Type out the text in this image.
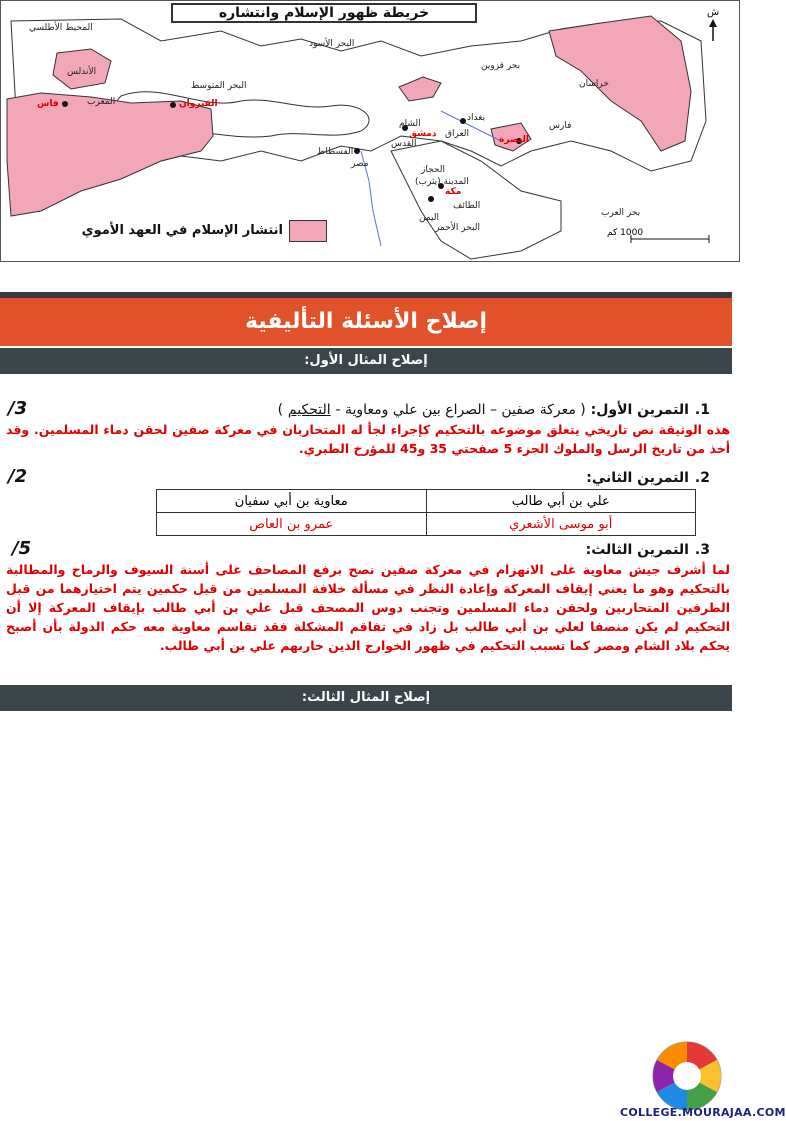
خريطة ظهور الإسلام وانتشاره	ش
المحيط الأطلسي
الأندلس
المغرب
فاس	القيروان
البحر المتوسط
البحر الأسود
بحر قزوين
خراسان
فارس
بغداد
العراق
البصرة
دمشق
الشام
القدس
الفسطاط
مصر
الحجاز
المدينة (يثرب)
مكة
الطائف
اليمن
البحر الأحمر
بحر العرب
1000 كم
انتشار الإسلام في العهد الأموي
إصلاح الأسئلة التأليفية
إصلاح المثال الأول:
1.التمرين الأول: ( معركة صفين – الصراع بين علي ومعاوية - التحكيم )
/3
هذه الوثيقة نص تاريخي يتعلق موضوعه بالتحكيم كإجراء لجأ له المتحاربان في معركة صفين لحقن دماء المسلمين. وقد أخذ من تاريخ الرسل والملوك الجزء 5 صفحتي 35 و45 للمؤرخ الطبري.
2.التمرين الثاني:
/2
علي بن أبي طالب	معاوية بن أبي سفيان
أبو موسى الأشعري	عمرو بن العاص
3.التمرين الثالث:
/5
لما أشرف جيش معاوية على الانهزام في معركة صفين نصح برفع المصاحف على أسنة السيوف والرماح والمطالبة بالتحكيم وهو ما يعني إيقاف المعركة وإعادة النظر في مسألة خلافة المسلمين من قبل حكمين يتم اختيارهما من قبل الطرفين المتحاربين ولحقن دماء المسلمين وتجنب دوس المصحف قبل علي بن أبي طالب بإيقاف المعركة إلا أن التحكيم لم يكن منصفا لعلي بن أبي طالب بل زاد في تفاقم المشكلة فقد تقاسم معاوية معه حكم الدولة بأن أصبح يحكم بلاد الشام ومصر كما تسبب التحكيم في ظهور الخوارج الذين حاربهم علي بن أبي طالب.
إصلاح المثال الثالث:
COLLEGE.MOURAJAA.COM
